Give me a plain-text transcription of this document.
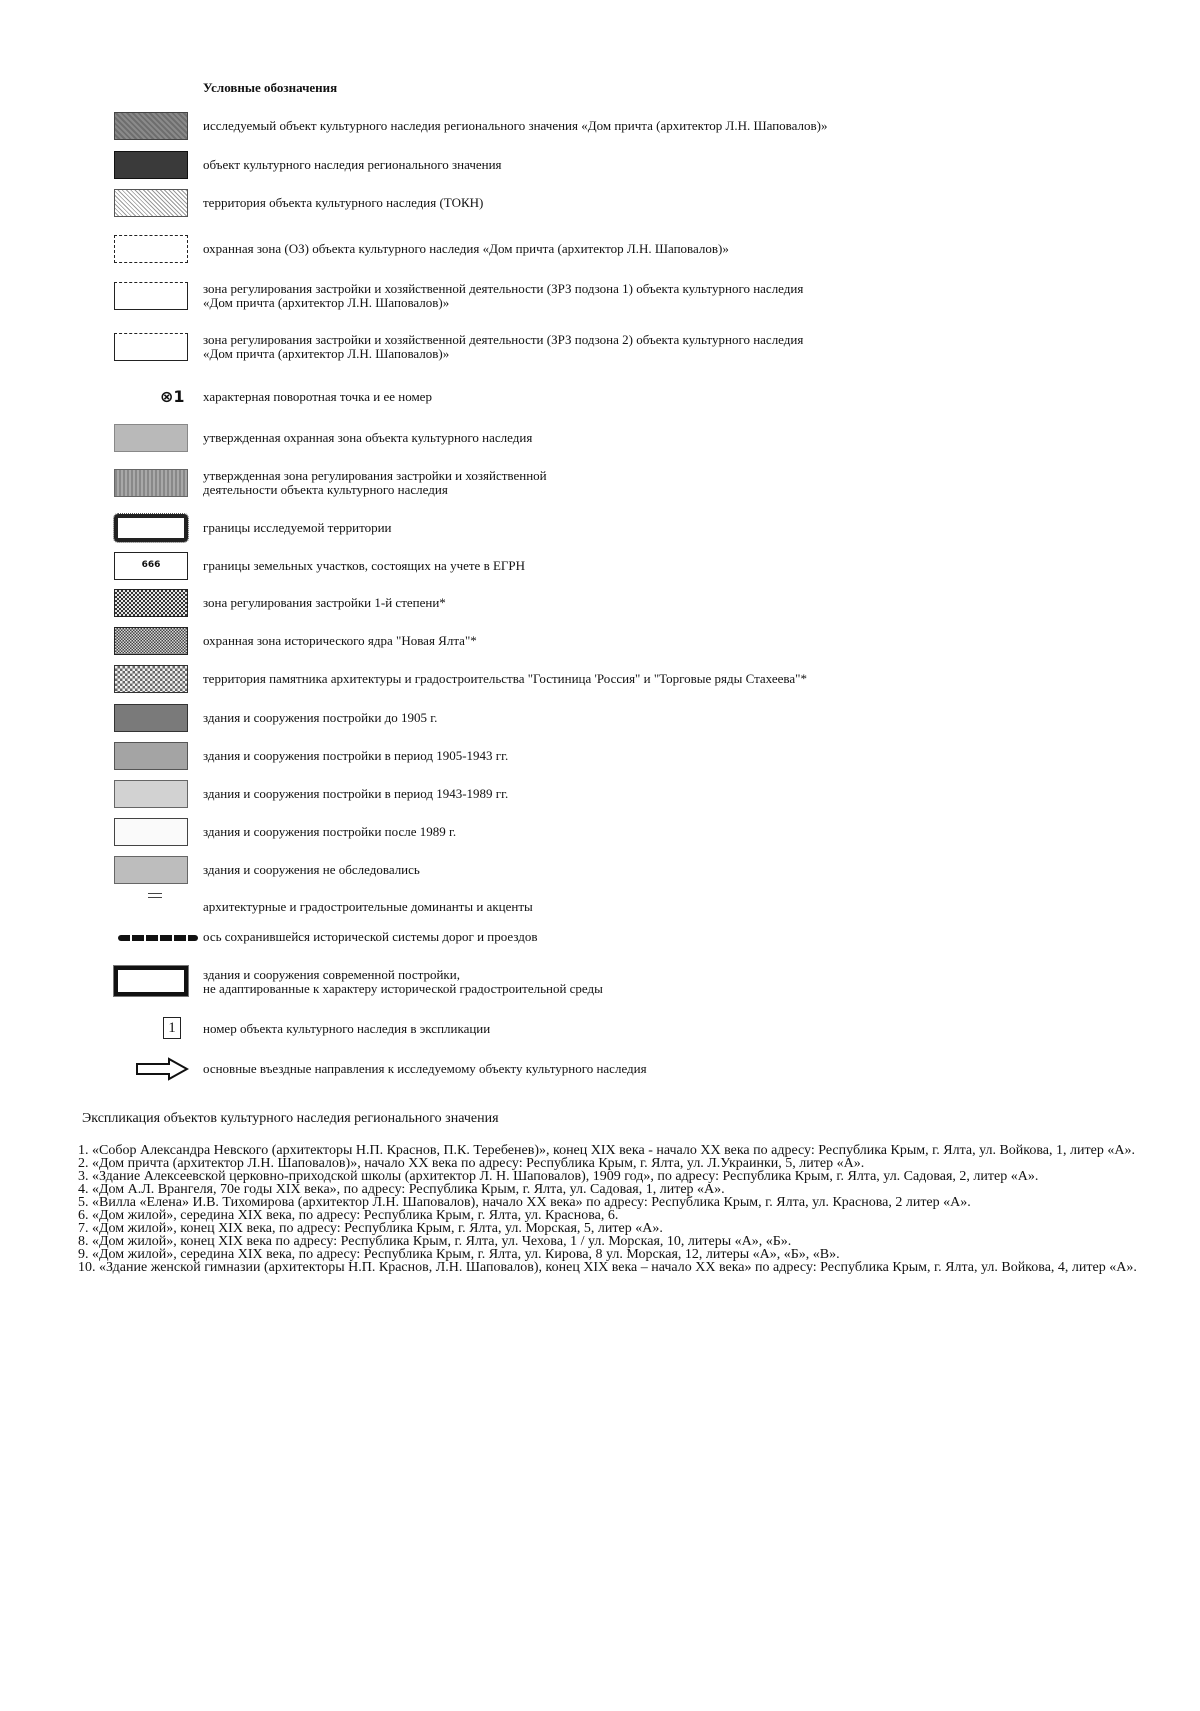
Условные обозначения
исследуемый объект культурного наследия регионального значения «Дом причта (архитектор Л.Н. Шаповалов)»
объект культурного наследия регионального значения
территория объекта культурного наследия (ТОКН)
охранная зона (ОЗ) объекта культурного наследия «Дом причта (архитектор Л.Н. Шаповалов)»
зона регулирования застройки и хозяйственной деятельности (ЗРЗ подзона 1) объекта культурного наследия
«Дом причта (архитектор Л.Н. Шаповалов)»
зона регулирования застройки и хозяйственной деятельности (ЗРЗ подзона 2) объекта культурного наследия
«Дом причта (архитектор Л.Н. Шаповалов)»
⊗1	характерная поворотная точка и ее номер
утвержденная охранная зона объекта культурного наследия
утвержденная зона регулирования застройки и хозяйственной
деятельности объекта культурного наследия
границы исследуемой территории
666	границы земельных участков, состоящих на учете в ЕГРН
зона регулирования застройки 1-й степени*
охранная зона исторического ядра "Новая Ялта"*
территория памятника архитектуры и градостроительства "Гостиница 'Россия" и "Торговые ряды Стахеева"*
здания и сооружения постройки до 1905 г.
здания и сооружения постройки в период 1905-1943 гг.
здания и сооружения постройки в период 1943-1989 гг.
здания и сооружения постройки после 1989 г.
здания и сооружения не обследовались
архитектурные и градостроительные доминанты и акценты
ось сохранившейся исторической системы дорог и проездов
здания и сооружения современной постройки,
не адаптированные к характеру исторической градостроительной среды
1	номер объекта культурного наследия в экспликации
основные въездные направления к исследуемому объекту культурного наследия
Экспликация объектов культурного наследия регионального значения
1. «Собор Александра Невского (архитекторы Н.П. Краснов, П.К. Теребенев)», конец XIX века - начало XX века по адресу: Республика Крым, г. Ялта, ул. Войкова, 1, литер «А».
2. «Дом причта (архитектор Л.Н. Шаповалов)», начало XX века по адресу: Республика Крым, г. Ялта, ул. Л.Украинки, 5, литер «А».
3. «Здание Алексеевской церковно-приходской школы (архитектор Л. Н. Шаповалов), 1909 год», по адресу: Республика Крым, г. Ялта, ул. Садовая, 2, литер «А».
4. «Дом А.Л. Врангеля, 70е годы XIX века», по адресу: Республика Крым, г. Ялта, ул. Садовая, 1, литер «А».
5. «Вилла «Елена» И.В. Тихомирова (архитектор Л.Н. Шаповалов), начало XX века» по адресу: Республика Крым, г. Ялта, ул. Краснова, 2 литер «А».
6. «Дом жилой», середина XIX века, по адресу: Республика Крым, г. Ялта, ул. Краснова, 6.
7. «Дом жилой», конец XIX века, по адресу: Республика Крым, г. Ялта, ул. Морская, 5, литер «А».
8. «Дом жилой», конец XIX века по адресу: Республика Крым, г. Ялта, ул. Чехова, 1 / ул. Морская, 10, литеры «А», «Б».
9. «Дом жилой», середина XIX века, по адресу: Республика Крым, г. Ялта, ул. Кирова, 8 ул. Морская, 12, литеры «А», «Б», «В».
10. «Здание женской гимназии (архитекторы Н.П. Краснов, Л.Н. Шаповалов), конец XIX века – начало XX века» по адресу: Республика Крым, г. Ялта, ул. Войкова, 4, литер «А».
